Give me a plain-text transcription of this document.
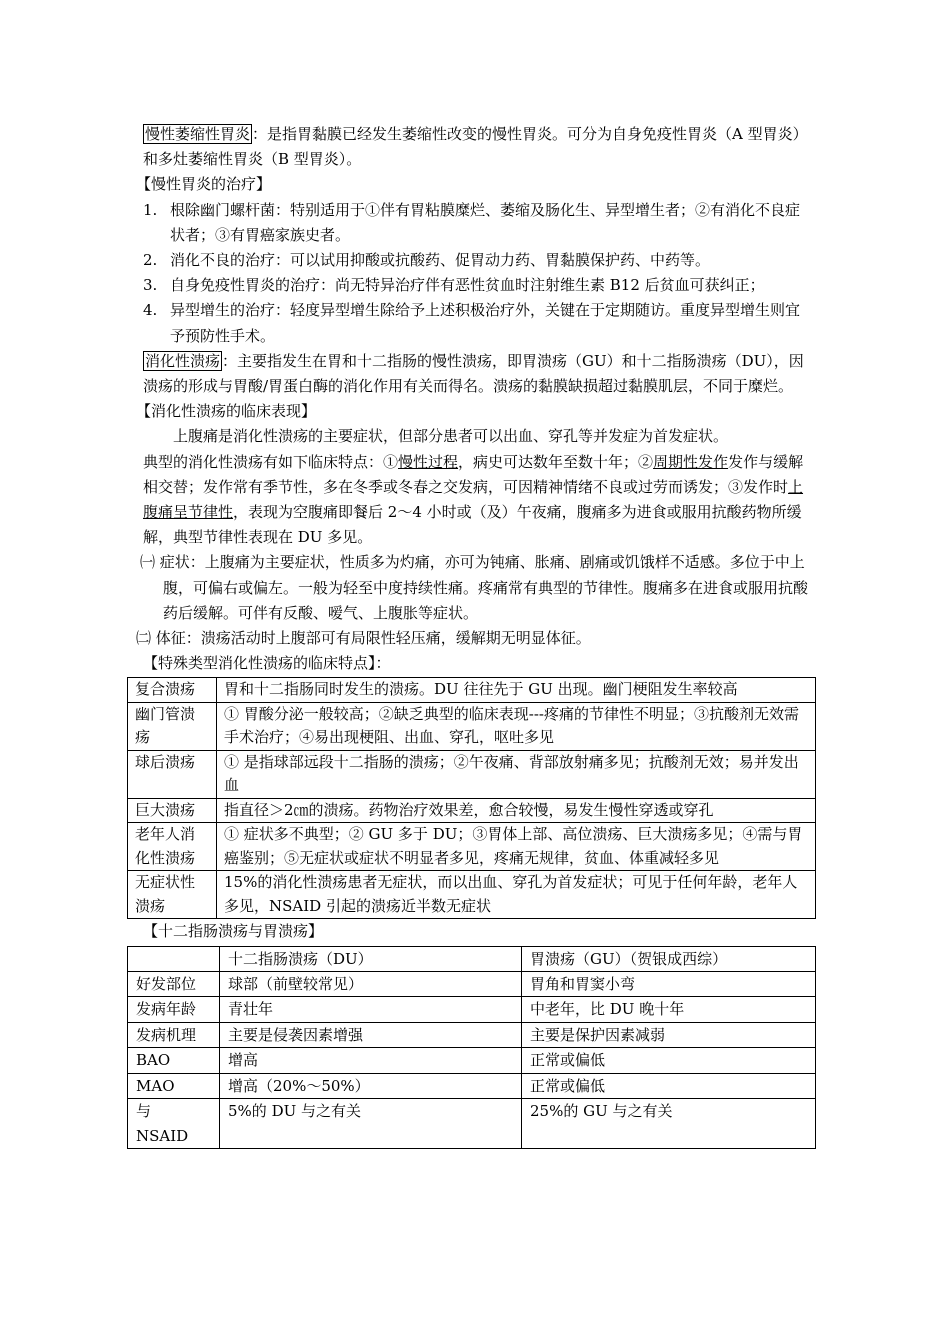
慢性萎缩性胃炎 ：是指胃黏膜已经发生萎缩性改变的慢性胃炎。可分为自身免疫性胃炎（A 型胃炎）和多灶萎缩性胃炎（B 型胃炎）。

【慢性胃炎的治疗】

1. 根除幽门螺杆菌：特别适用于①伴有胃粘膜糜烂、萎缩及肠化生、异型增生者；②有消化不良症状者；③有胃癌家族史者。
2. 消化不良的治疗：可以试用抑酸或抗酸药、促胃动力药、胃黏膜保护药、中药等。
3. 自身免疫性胃炎的治疗：尚无特异治疗伴有恶性贫血时注射维生素 B12 后贫血可获纠正；
4. 异型增生的治疗：轻度异型增生除给予上述积极治疗外，关键在于定期随访。重度异型增生则宜予预防性手术。

消化性溃疡 ：主要指发生在胃和十二指肠的慢性溃疡，即胃溃疡（GU）和十二指肠溃疡（DU），因溃疡的形成与胃酸/胃蛋白酶的消化作用有关而得名。溃疡的黏膜缺损超过黏膜肌层，不同于糜烂。

【消化性溃疡的临床表现】

上腹痛是消化性溃疡的主要症状，但部分患者可以出血、穿孔等并发症为首发症状。

典型的消化性溃疡有如下临床特点：①慢性过程，病史可达数年至数十年；②周期性发作发作与缓解相交替；发作常有季节性，多在冬季或冬春之交发病，可因精神情绪不良或过劳而诱发；③发作时上腹痛呈节律性，表现为空腹痛即餐后 2～4 小时或（及）午夜痛，腹痛多为进食或服用抗酸药物所缓解，典型节律性表现在 DU 多见。

㈠ 症状：上腹痛为主要症状，性质多为灼痛，亦可为钝痛、胀痛、剧痛或饥饿样不适感。多位于中上腹，可偏右或偏左。一般为轻至中度持续性痛。疼痛常有典型的节律性。腹痛多在进食或服用抗酸药后缓解。可伴有反酸、嗳气、上腹胀等症状。

㈡ 体征：溃疡活动时上腹部可有局限性轻压痛，缓解期无明显体征。

【特殊类型消化性溃疡的临床特点】：

复合溃疡	胃和十二指肠同时发生的溃疡。DU 往往先于 GU 出现。幽门梗阻发生率较高
幽门管溃疡	① 胃酸分泌一般较高；②缺乏典型的临床表现---疼痛的节律性不明显；③抗酸剂无效需手术治疗；④易出现梗阻、出血、穿孔，呕吐多见
球后溃疡	① 是指球部远段十二指肠的溃疡；②午夜痛、背部放射痛多见；抗酸剂无效；易并发出血
巨大溃疡	指直径＞2㎝的溃疡。药物治疗效果差，愈合较慢，易发生慢性穿透或穿孔
老年人消化性溃疡	① 症状多不典型；② GU 多于 DU；③胃体上部、高位溃疡、巨大溃疡多见；④需与胃癌鉴别；⑤无症状或症状不明显者多见，疼痛无规律，贫血、体重减轻多见
无症状性溃疡	15%的消化性溃疡患者无症状，而以出血、穿孔为首发症状；可见于任何年龄，老年人多见，NSAID 引起的溃疡近半数无症状

【十二指肠溃疡与胃溃疡】

	十二指肠溃疡（DU）	胃溃疡（GU）（贺银成西综）
好发部位	球部（前壁较常见）	胃角和胃窦小弯
发病年龄	青壮年	中老年，比 DU 晚十年
发病机理	主要是侵袭因素增强	主要是保护因素减弱
BAO	增高	正常或偏低
MAO	增高（20%～50%）	正常或偏低
与 NSAID	5%的 DU 与之有关	25%的 GU 与之有关
